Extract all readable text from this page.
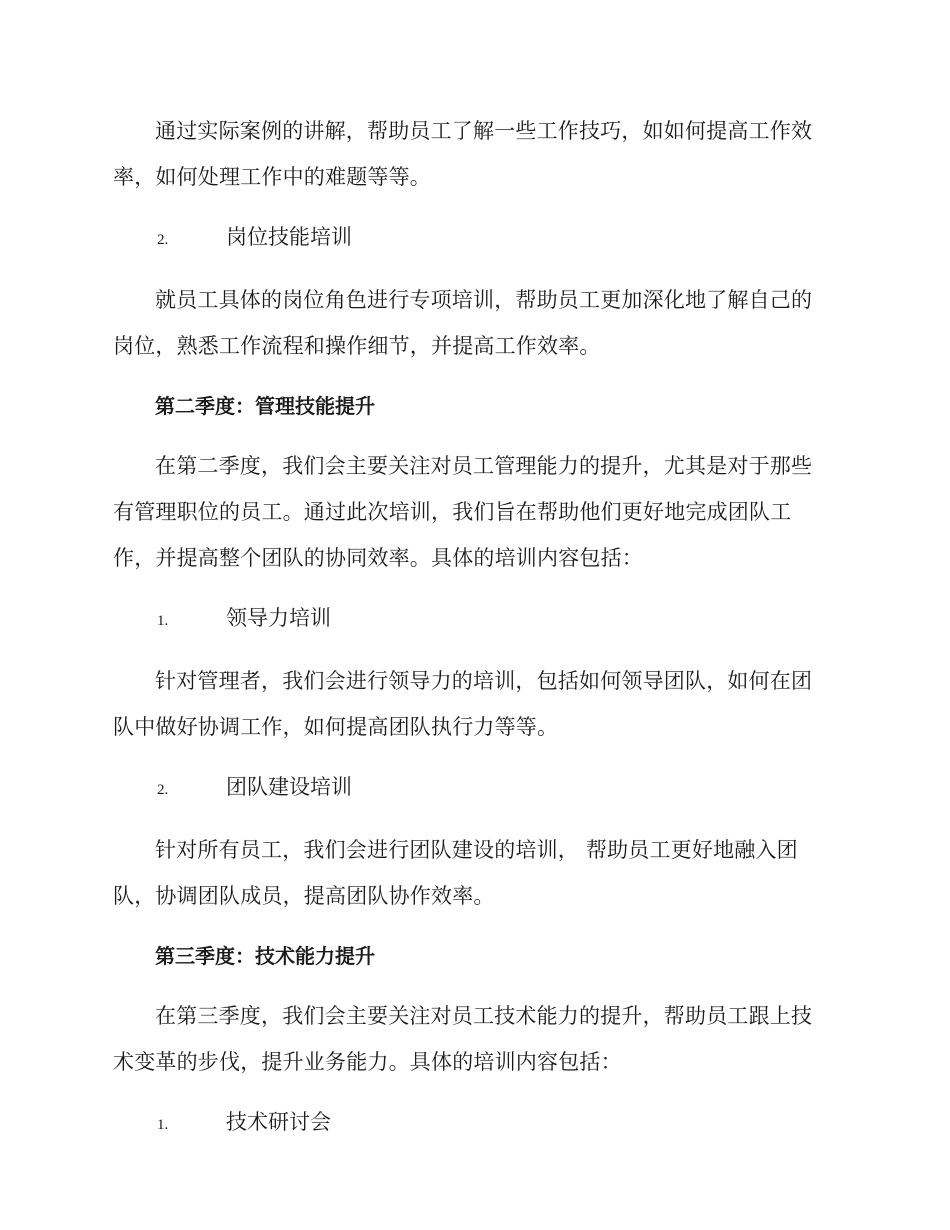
通过实际案例的讲解，帮助员工了解一些工作技巧，如如何提高工作效率，如何处理工作中的难题等等。

2.	岗位技能培训

就员工具体的岗位角色进行专项培训，帮助员工更加深化地了解自己的岗位，熟悉工作流程和操作细节，并提高工作效率。

第二季度：管理技能提升

在第二季度，我们会主要关注对员工管理能力的提升，尤其是对于那些有管理职位的员工。通过此次培训，我们旨在帮助他们更好地完成团队工作，并提高整个团队的协同效率。具体的培训内容包括：

1.	领导力培训

针对管理者，我们会进行领导力的培训，包括如何领导团队，如何在团队中做好协调工作，如何提高团队执行力等等。

2.	团队建设培训

针对所有员工，我们会进行团队建设的培训， 帮助员工更好地融入团队，协调团队成员，提高团队协作效率。

第三季度：技术能力提升

在第三季度，我们会主要关注对员工技术能力的提升，帮助员工跟上技术变革的步伐，提升业务能力。具体的培训内容包括：

1.	技术研讨会
